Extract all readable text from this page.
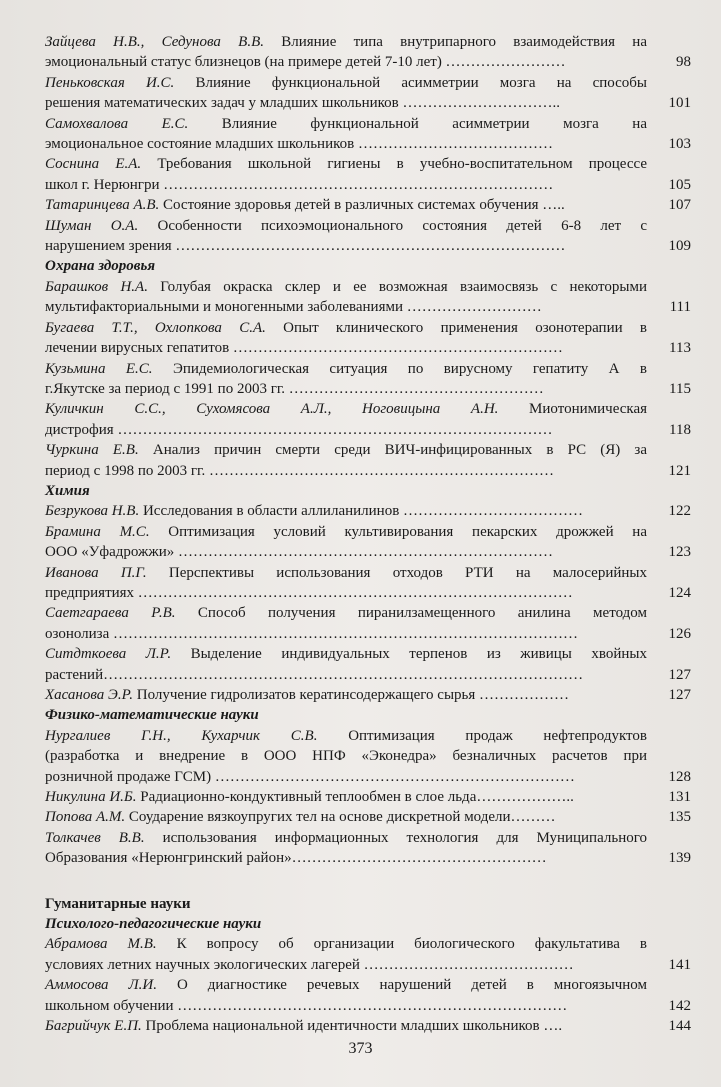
Зайцева Н.В., Седунова В.В. Влияние типа внутрипарного взаимодействия на
эмоциональный статус близнецов (на примере детей 7-10 лет) ……………………	98
Пеньковская И.С. Влияние функциональной асимметрии мозга на способы
решения математических задач у младших школьников …………………………..	101
Самохвалова Е.С. Влияние функциональной асимметрии мозга на
эмоциональное состояние младших школьников …………………………………	103
Соснина Е.А. Требования школьной гигиены в учебно-воспитательном процессе
школ г. Нерюнгри ……………………………………………………………………	105
Татаринцева А.В. Состояние здоровья детей в различных системах обучения …..	107
Шуман О.А. Особенности психоэмоционального состояния детей 6-8 лет с
нарушением зрения ……………………………………………………………………	109
Охрана здоровья
Барашков Н.А. Голубая окраска склер и ее возможная взаимосвязь с некоторыми
мультифакториальными и моногенными заболеваниями ………………………	111
Бугаева Т.Т., Охлопкова С.А. Опыт клинического применения озонотерапии в
лечении вирусных гепатитов …………………………………………………………	113
Кузьмина Е.С. Эпидемиологическая ситуация по вирусному гепатиту А в
г.Якутске за период с 1991 по 2003 гг. ……………………………………………	115
Куличкин С.С., Сухомясова А.Л., Ноговицына А.Н. Миотонимическая
дистрофия ……………………………………………………………………………	118
Чуркина Е.В. Анализ причин смерти среди ВИЧ-инфицированных в РС (Я) за
период с 1998 по 2003 гг. ……………………………………………………………	121
Химия
Безрукова Н.В. Исследования в области аллиланилинов ………………………………	122
Брамина М.С. Оптимизация условий культивирования пекарских дрожжей на
ООО «Уфадрожжи» …………………………………………………………………	123
Иванова П.Г. Перспективы использования отходов РТИ на малосерийных
предприятиях ……………………………………………………………………………	124
Саетгараева Р.В. Способ получения пиранилзамещенного анилина методом
озонолиза …………………………………………………………………………………	126
Ситдткоева Л.Р. Выделение индивидуальных терпенов из живицы хвойных
растений……………………………………………………………………………………	127
Хасанова Э.Р. Получение гидролизатов кератинсодержащего сырья ………………	127
Физико-математические науки
Нургалиев Г.Н., Кухарчик С.В. Оптимизация продаж нефтепродуктов
(разработка и внедрение в ООО НПФ «Эконедра» безналичных расчетов при
розничной продаже ГСМ) ………………………………………………………………	128
Никулина И.Б. Радиационно-кондуктивный теплообмен в слое льда………………..	131
Попова А.М. Соударение вязкоупругих тел на основе дискретной модели………	135
Толкачев В.В. использования информационных технология для Муниципального
Образования «Нерюнгринский район»……………………………………………	139
Гуманитарные науки
Психолого-педагогические науки
Абрамова М.В. К вопросу об организации биологического факультатива в
условиях летних научных экологических лагерей ……………………………………	141
Аммосова Л.И. О диагностике речевых нарушений детей в многоязычном
школьном обучении ……………………………………………………………………	142
Багрийчук Е.П. Проблема национальной идентичности младших школьников ….	144
373
